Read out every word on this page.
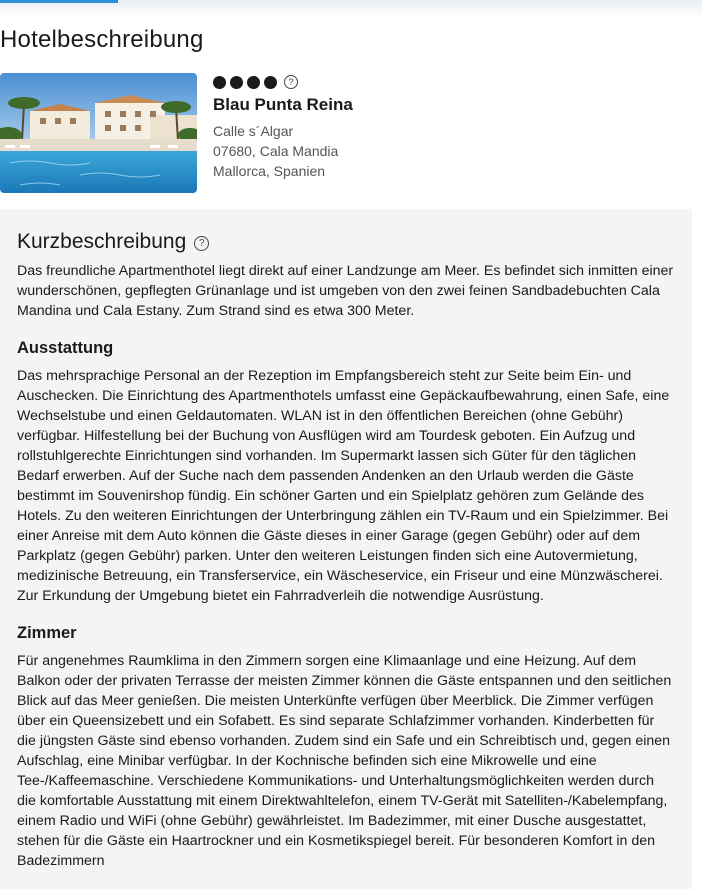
Hotelbeschreibung
?
Blau Punta Reina
Calle s´Algar
07680, Cala Mandia
Mallorca, Spanien
Kurzbeschreibung	?

Das freundliche Apartmenthotel liegt direkt auf einer Landzunge am Meer. Es befindet sich inmitten einer wunderschönen, gepflegten Grünanlage und ist umgeben von den zwei feinen Sandbadebuchten Cala Mandina und Cala Estany. Zum Strand sind es etwa 300 Meter.

Ausstattung

Das mehrsprachige Personal an der Rezeption im Empfangsbereich steht zur Seite beim Ein- und Auschecken. Die Einrichtung des Apartmenthotels umfasst eine Gepäckaufbewahrung, einen Safe, eine Wechselstube und einen Geldautomaten. WLAN ist in den öffentlichen Bereichen (ohne Gebühr) verfügbar. Hilfestellung bei der Buchung von Ausflügen wird am Tourdesk geboten. Ein Aufzug und rollstuhlgerechte Einrichtungen sind vorhanden. Im Supermarkt lassen sich Güter für den täglichen Bedarf erwerben. Auf der Suche nach dem passenden Andenken an den Urlaub werden die Gäste bestimmt im Souvenirshop fündig. Ein schöner Garten und ein Spielplatz gehören zum Gelände des Hotels. Zu den weiteren Einrichtungen der Unterbringung zählen ein TV-Raum und ein Spielzimmer. Bei einer Anreise mit dem Auto können die Gäste dieses in einer Garage (gegen Gebühr) oder auf dem Parkplatz (gegen Gebühr) parken. Unter den weiteren Leistungen finden sich eine Autovermietung, medizinische Betreuung, ein Transferservice, ein Wäscheservice, ein Friseur und eine Münzwäscherei. Zur Erkundung der Umgebung bietet ein Fahrradverleih die notwendige Ausrüstung.

Zimmer

Für angenehmes Raumklima in den Zimmern sorgen eine Klimaanlage und eine Heizung. Auf dem Balkon oder der privaten Terrasse der meisten Zimmer können die Gäste entspannen und den seitlichen Blick auf das Meer genießen. Die meisten Unterkünfte verfügen über Meerblick. Die Zimmer verfügen über ein Queensizebett und ein Sofabett. Es sind separate Schlafzimmer vorhanden. Kinderbetten für die jüngsten Gäste sind ebenso vorhanden. Zudem sind ein Safe und ein Schreibtisch und, gegen einen Aufschlag, eine Minibar verfügbar. In der Kochnische befinden sich eine Mikrowelle und eine Tee-/Kaffeemaschine. Verschiedene Kommunikations- und Unterhaltungsmöglichkeiten werden durch die komfortable Ausstattung mit einem Direktwahltelefon, einem TV-Gerät mit Satelliten-/Kabelempfang, einem Radio und WiFi (ohne Gebühr) gewährleistet. Im Badezimmer, mit einer Dusche ausgestattet, stehen für die Gäste ein Haartrockner und ein Kosmetikspiegel bereit. Für besonderen Komfort in den Badezimmern
